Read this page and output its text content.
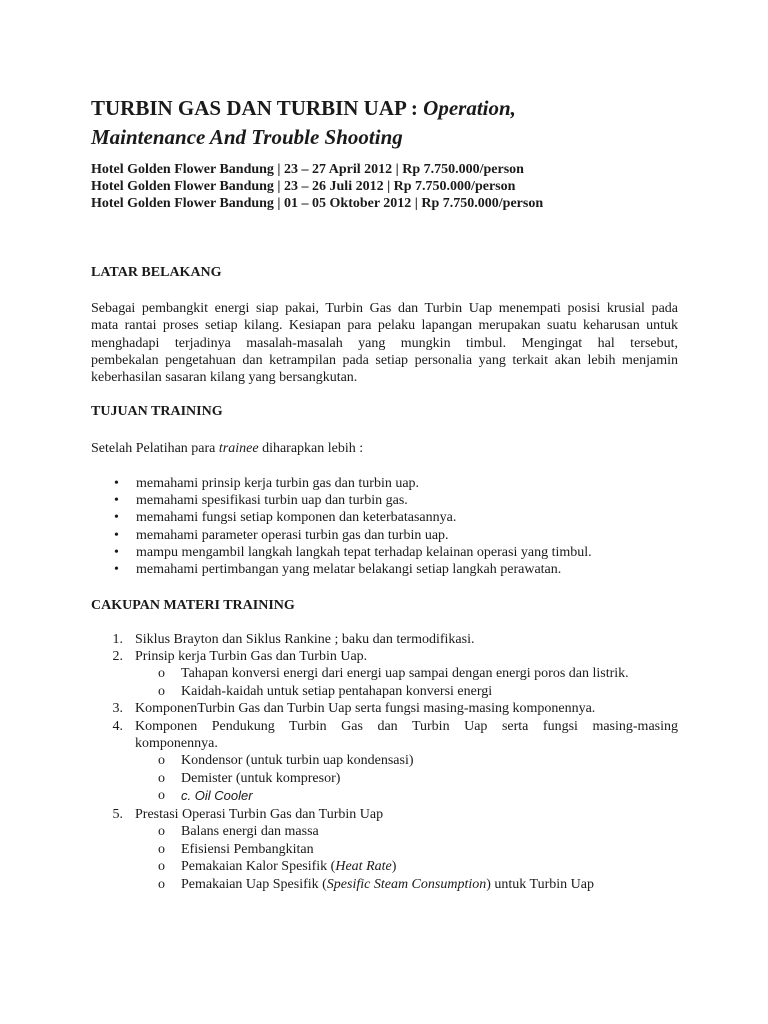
TURBIN GAS DAN TURBIN UAP : Operation,
Maintenance And Trouble Shooting
Hotel Golden Flower Bandung | 23 – 27 April 2012 | Rp 7.750.000/person
Hotel Golden Flower Bandung | 23 – 26 Juli 2012 | Rp 7.750.000/person
Hotel Golden Flower Bandung | 01 – 05 Oktober 2012 | Rp 7.750.000/person
LATAR BELAKANG
Sebagai pembangkit energi siap pakai, Turbin Gas dan Turbin Uap menempati posisi krusial pada
mata rantai proses setiap kilang. Kesiapan para pelaku lapangan merupakan suatu keharusan untuk
menghadapi terjadinya masalah-masalah yang mungkin timbul. Mengingat hal tersebut,
pembekalan pengetahuan dan ketrampilan pada setiap personalia yang terkait akan lebih menjamin
keberhasilan sasaran kilang yang bersangkutan.
TUJUAN TRAINING
Setelah Pelatihan para trainee diharapkan lebih :
• memahami prinsip kerja turbin gas dan turbin uap.
• memahami spesifikasi turbin uap dan turbin gas.
• memahami fungsi setiap komponen dan keterbatasannya.
• memahami parameter operasi turbin gas dan turbin uap.
• mampu mengambil langkah langkah tepat terhadap kelainan operasi yang timbul.
• memahami pertimbangan yang melatar belakangi setiap langkah perawatan.
CAKUPAN MATERI TRAINING
1. Siklus Brayton dan Siklus Rankine ; baku dan termodifikasi.
2. Prinsip kerja Turbin Gas dan Turbin Uap.
o Tahapan konversi energi dari energi uap sampai dengan energi poros dan listrik.
o Kaidah-kaidah untuk setiap pentahapan konversi energi
3. KomponenTurbin Gas dan Turbin Uap serta fungsi masing-masing komponennya.
4. Komponen Pendukung Turbin Gas dan Turbin Uap serta fungsi masing-masing
komponennya.
o Kondensor (untuk turbin uap kondensasi)
o Demister (untuk kompresor)
o c. Oil Cooler
5. Prestasi Operasi Turbin Gas dan Turbin Uap
o Balans energi dan massa
o Efisiensi Pembangkitan
o Pemakaian Kalor Spesifik (Heat Rate)
o Pemakaian Uap Spesifik (Spesific Steam Consumption) untuk Turbin Uap
